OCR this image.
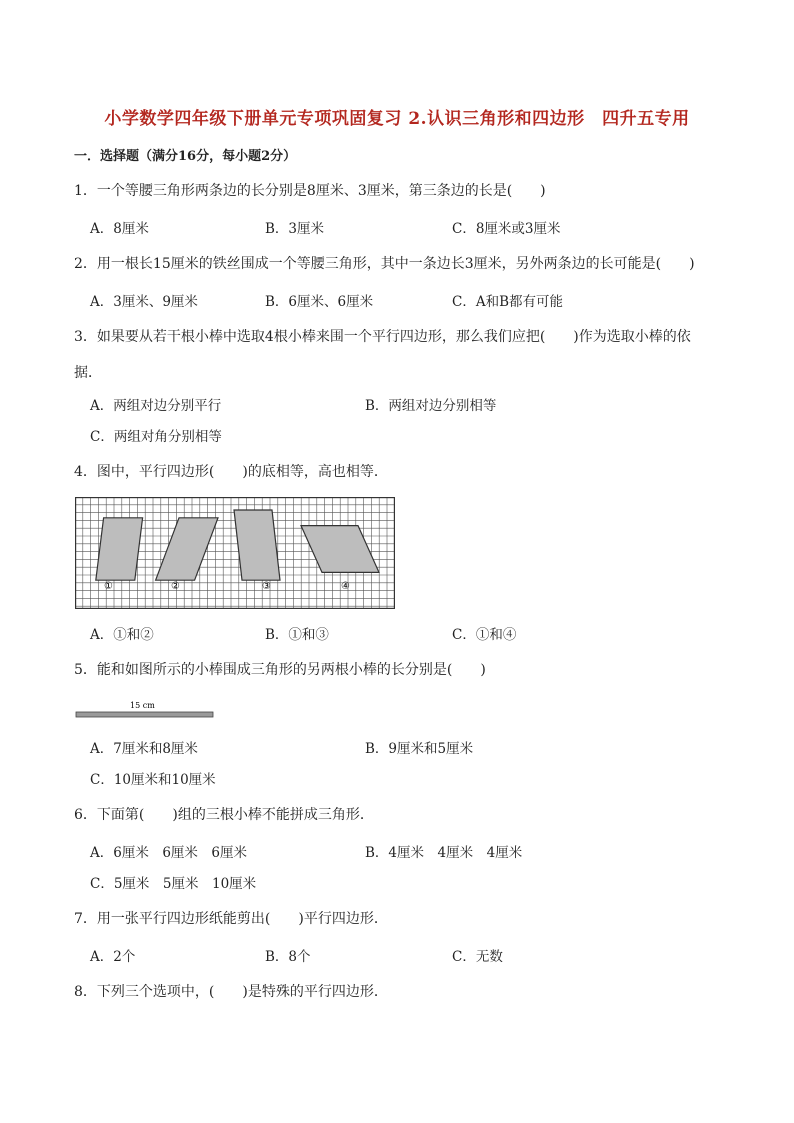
小学数学四年级下册单元专项巩固复习 2.认识三角形和四边形　四升五专用
一．选择题（满分16分，每小题2分）
1．一个等腰三角形两条边的长分别是8厘米、3厘米，第三条边的长是(　　)
A．8厘米	B．3厘米	C．8厘米或3厘米
2．用一根长15厘米的铁丝围成一个等腰三角形，其中一条边长3厘米，另外两条边的长可能是(　　)
A．3厘米、9厘米	B．6厘米、6厘米	C．A和B都有可能
3．如果要从若干根小棒中选取4根小棒来围一个平行四边形，那么我们应把(　　)作为选取小棒的依
据．
A．两组对边分别平行	B．两组对边分别相等
C．两组对角分别相等
4．图中，平行四边形(　　)的底相等，高也相等．
①	②	③	④
A．①和②	B．①和③	C．①和④
5．能和如图所示的小棒围成三角形的另两根小棒的长分别是(　　)
15 cm
A．7厘米和8厘米	B．9厘米和5厘米
C．10厘米和10厘米
6．下面第(　　)组的三根小棒不能拼成三角形．
A．6厘米　6厘米　6厘米	B．4厘米　4厘米　4厘米
C．5厘米　5厘米　10厘米
7．用一张平行四边形纸能剪出(　　)平行四边形．
A．2个	B．8个	C．无数
8．下列三个选项中，(　　)是特殊的平行四边形．
